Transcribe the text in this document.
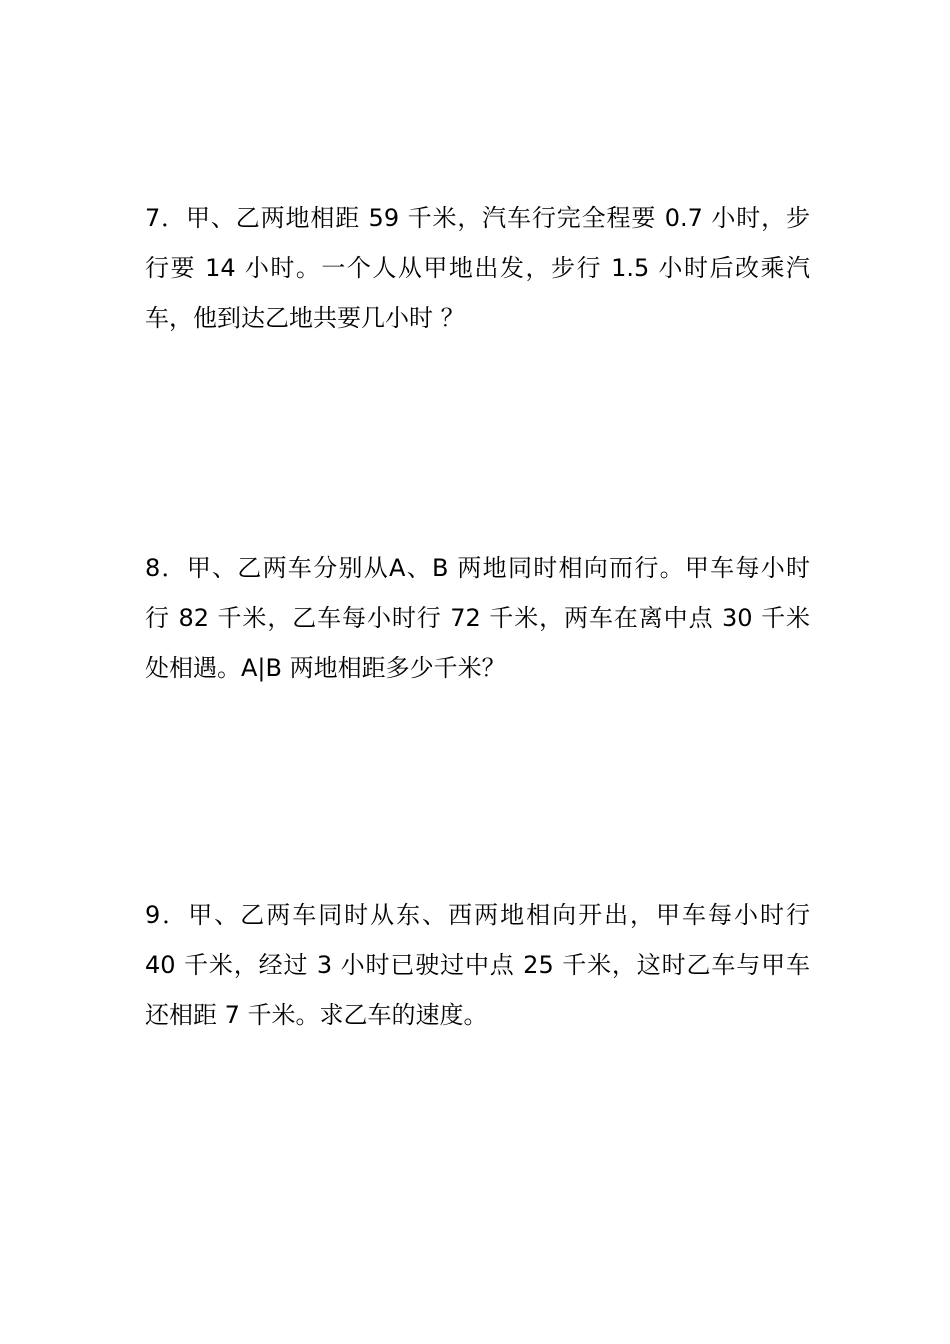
7．甲、乙两地相距 59 千米，汽车行完全程要 0.7 小时，步
行要 14 小时。一个人从甲地出发，步行 1.5 小时后改乘汽
车，他到达乙地共要几小时 ？
8．甲、乙两车分别从A、B 两地同时相向而行。甲车每小时
行 82 千米，乙车每小时行 72 千米，两车在离中点 30 千米
处相遇。A|B 两地相距多少千米？
9．甲、乙两车同时从东、西两地相向开出，甲车每小时行
40 千米，经过 3 小时已驶过中点 25 千米，这时乙车与甲车
还相距 7 千米。求乙车的速度。
